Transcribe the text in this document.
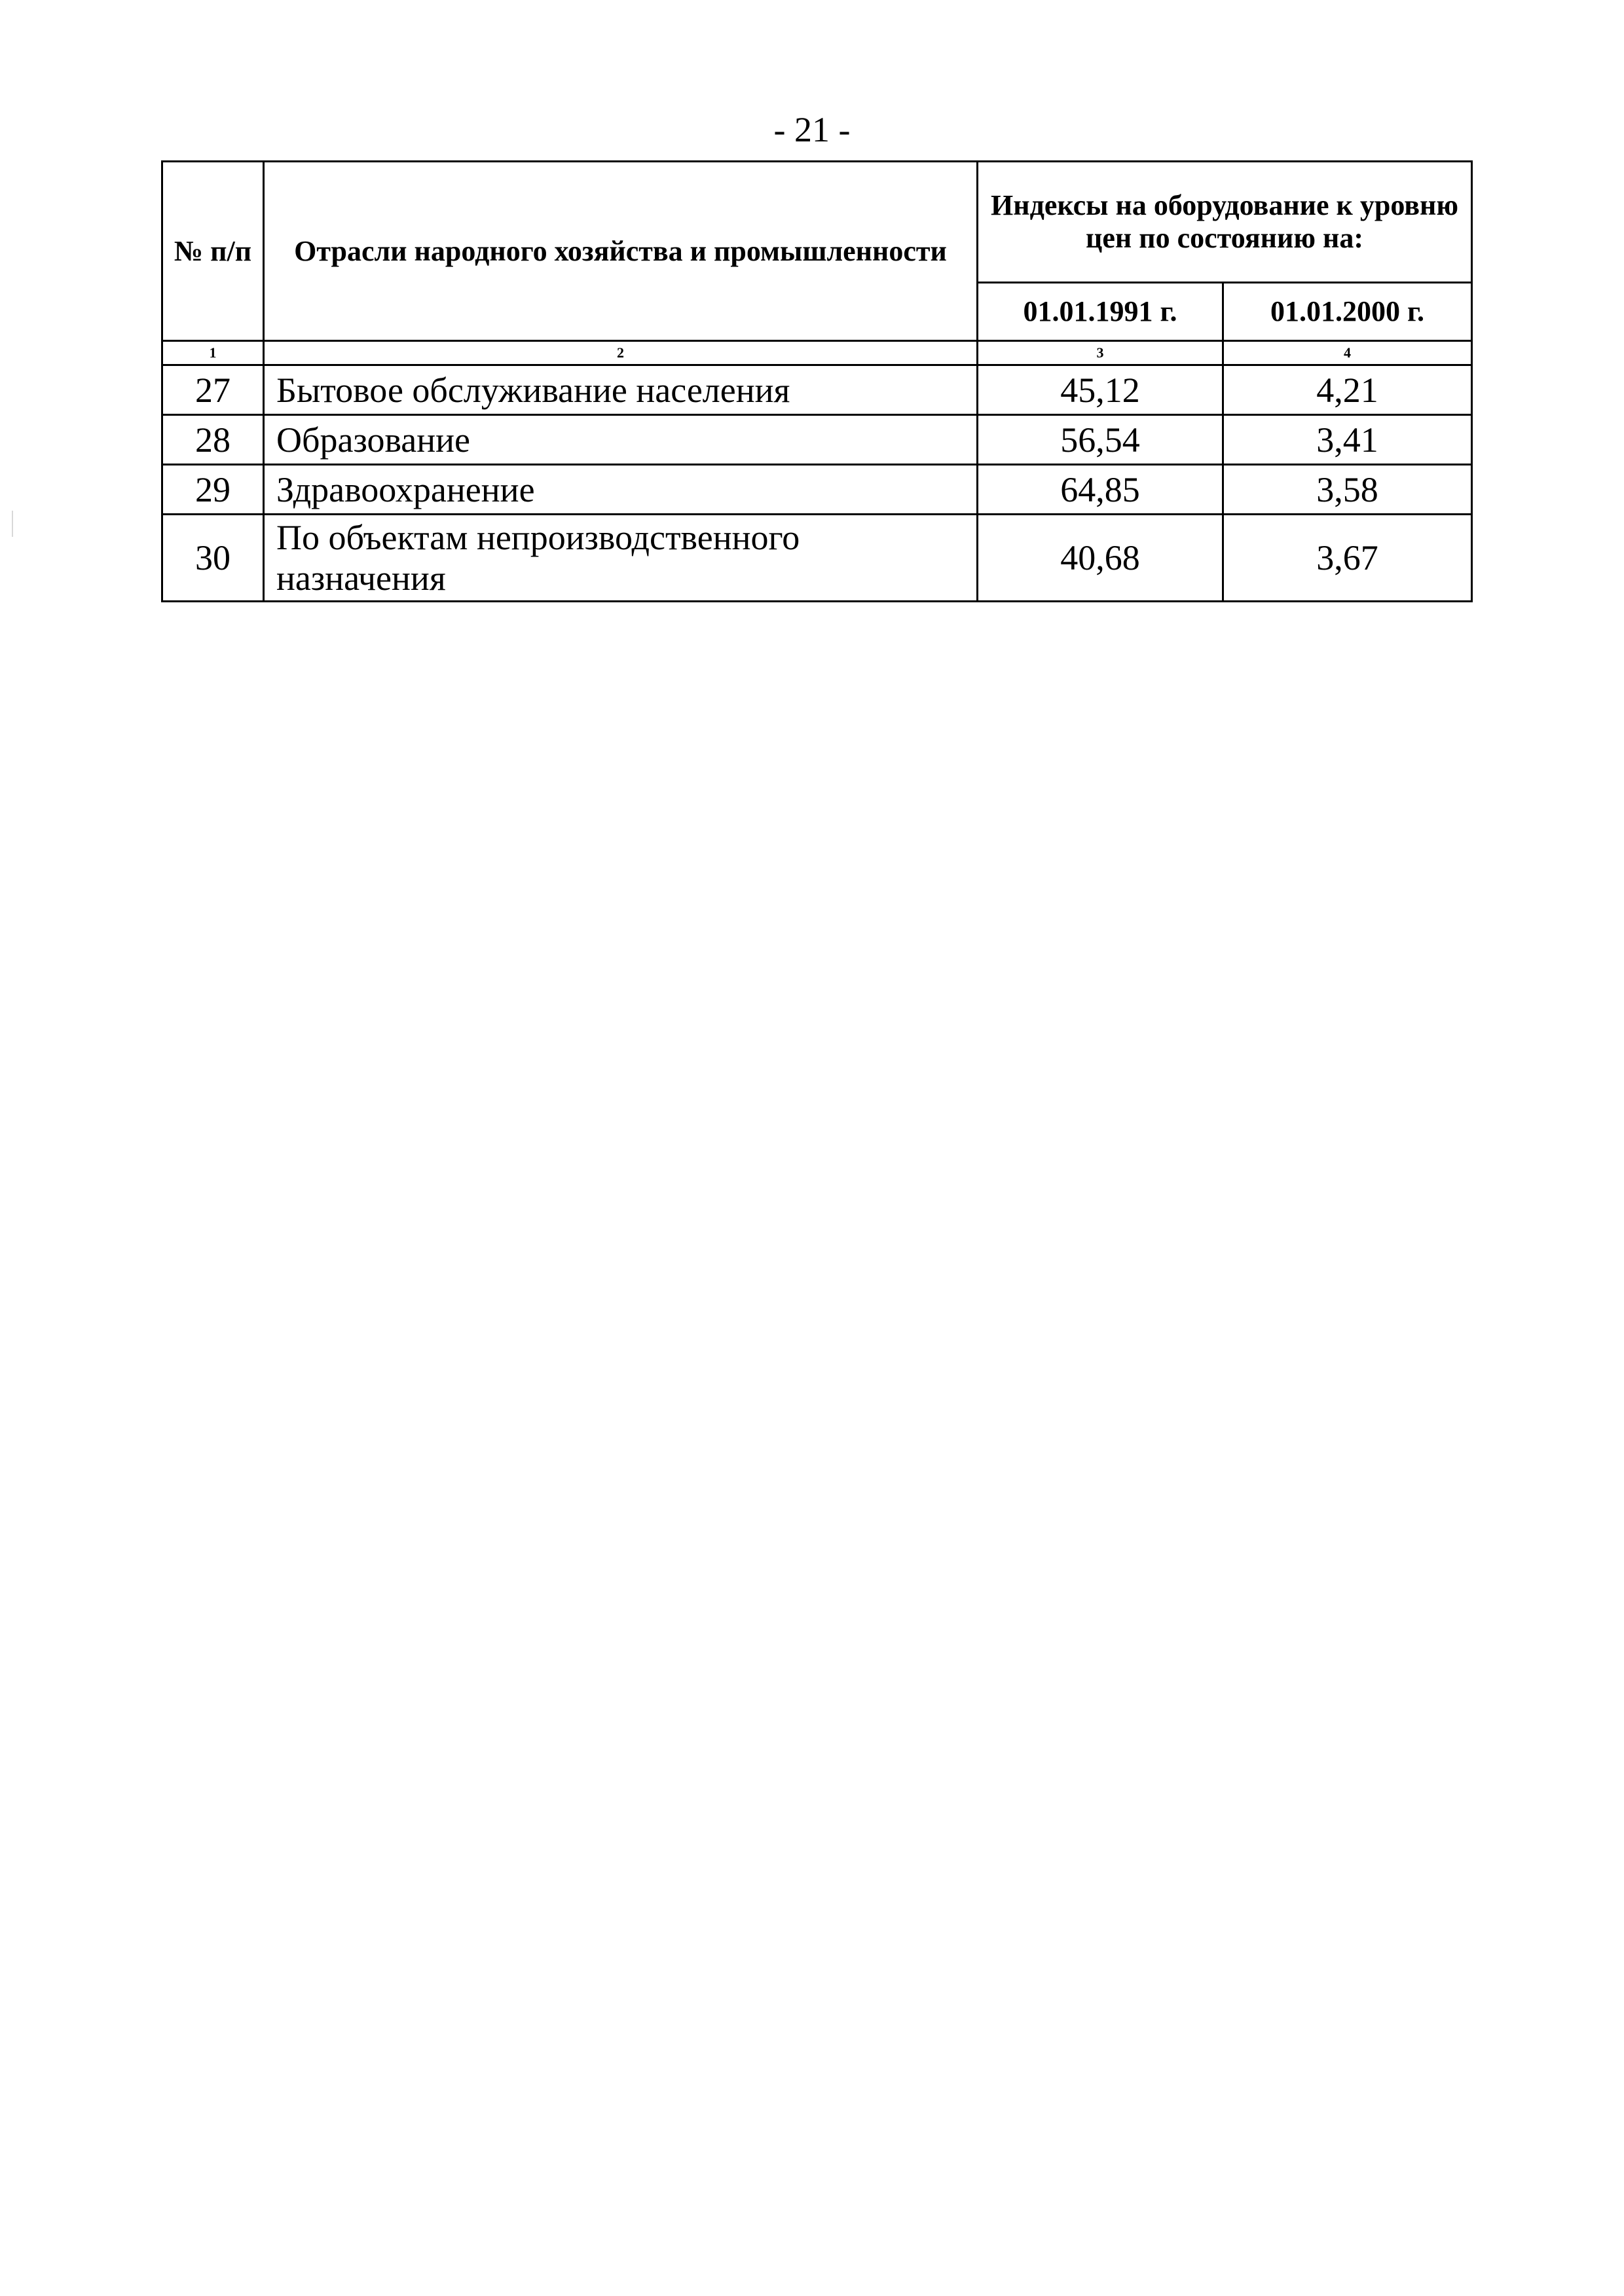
- 21 -
№ п/п	Отрасли народного хозяйства и промышленности	Индексы на оборудование к уровню цен по состоянию на:	
		01.01.1991 г.	01.01.2000 г.
1	2	3	4
27	Бытовое обслуживание населения	45,12	4,21
28	Образование	56,54	3,41
29	Здравоохранение	64,85	3,58
30	По объектам непроизводственного назначения	40,68	3,67
